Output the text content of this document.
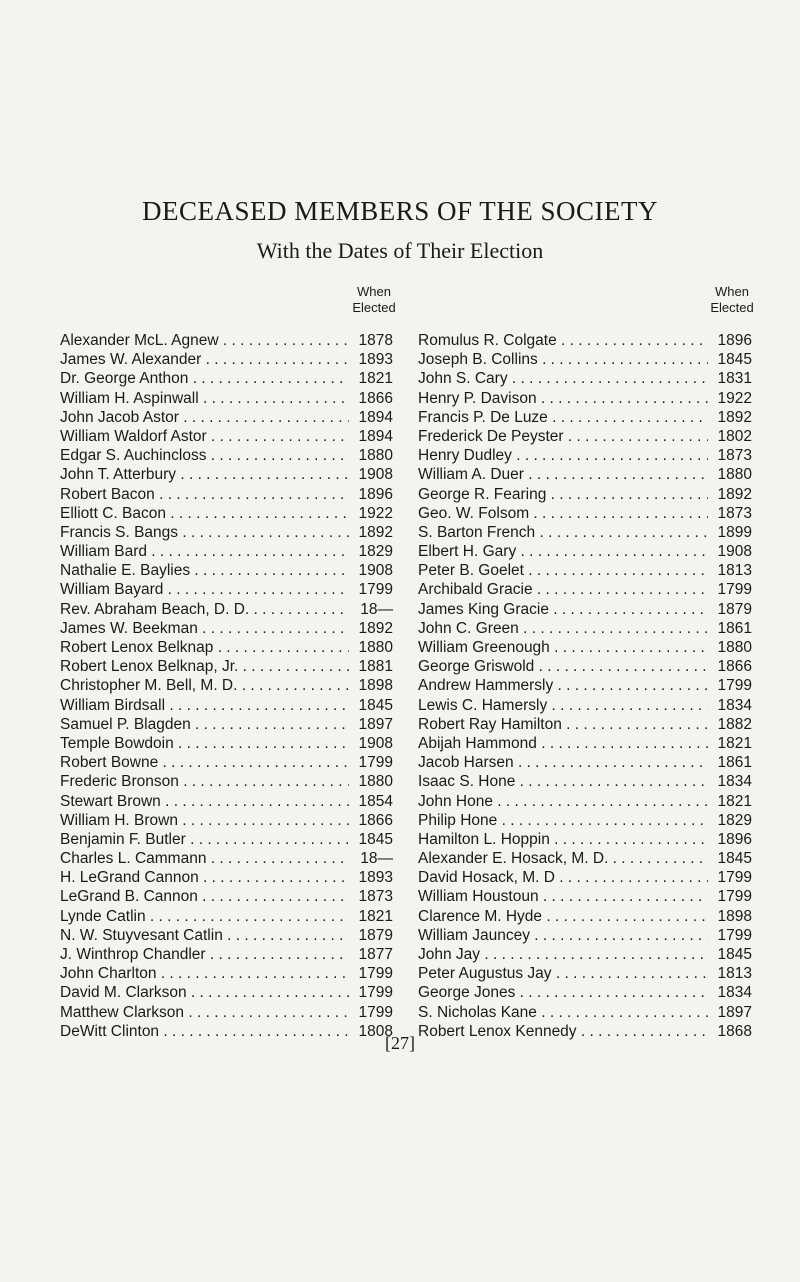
DECEASED MEMBERS OF THE SOCIETY
With the Dates of Their Election
When
Elected
When
Elected
Alexander McL. Agnew . . .	1878
James W. Alexander . . .	1893
Dr. George Anthon . . .	1821
William H. Aspinwall . . .	1866
John Jacob Astor . . .	1894
William Waldorf Astor . . .	1894
Edgar S. Auchincloss . . .	1880
John T. Atterbury . . .	1908
Robert Bacon . . .	1896
Elliott C. Bacon . . .	1922
Francis S. Bangs . . .	1892
William Bard . . .	1829
Nathalie E. Baylies . . .	1908
William Bayard . . .	1799
Rev. Abraham Beach, D. D. . . .	18—
James W. Beekman . . .	1892
Robert Lenox Belknap . . .	1880
Robert Lenox Belknap, Jr. . . .	1881
Christopher M. Bell, M. D. . . .	1898
William Birdsall . . .	1845
Samuel P. Blagden . . .	1897
Temple Bowdoin . . .	1908
Robert Bowne . . .	1799
Frederic Bronson . . .	1880
Stewart Brown . . .	1854
William H. Brown . . .	1866
Benjamin F. Butler . . .	1845
Charles L. Cammann . . .	18—
H. LeGrand Cannon . . .	1893
LeGrand B. Cannon . . .	1873
Lynde Catlin . . .	1821
N. W. Stuyvesant Catlin . . .	1879
J. Winthrop Chandler . . .	1877
John Charlton . . .	1799
David M. Clarkson . . .	1799
Matthew Clarkson . . .	1799
DeWitt Clinton . . .	1808
Romulus R. Colgate . . .	1896
Joseph B. Collins . . .	1845
John S. Cary . . .	1831
Henry P. Davison . . .	1922
Francis P. De Luze . . .	1892
Frederick De Peyster . . .	1802
Henry Dudley . . .	1873
William A. Duer . . .	1880
George R. Fearing . . .	1892
Geo. W. Folsom . . .	1873
S. Barton French . . .	1899
Elbert H. Gary . . .	1908
Peter B. Goelet . . .	1813
Archibald Gracie . . .	1799
James King Gracie . . .	1879
John C. Green . . .	1861
William Greenough . . .	1880
George Griswold . . .	1866
Andrew Hammersly . . .	1799
Lewis C. Hamersly . . .	1834
Robert Ray Hamilton . . .	1882
Abijah Hammond . . .	1821
Jacob Harsen . . .	1861
Isaac S. Hone . . .	1834
John Hone . . .	1821
Philip Hone . . .	1829
Hamilton L. Hoppin . . .	1896
Alexander E. Hosack, M. D. . . .	1845
David Hosack, M. D . . .	1799
William Houstoun . . .	1799
Clarence M. Hyde . . .	1898
William Jauncey . . .	1799
John Jay . . .	1845
Peter Augustus Jay . . .	1813
George Jones . . .	1834
S. Nicholas Kane . . .	1897
Robert Lenox Kennedy . . .	1868
[27]
